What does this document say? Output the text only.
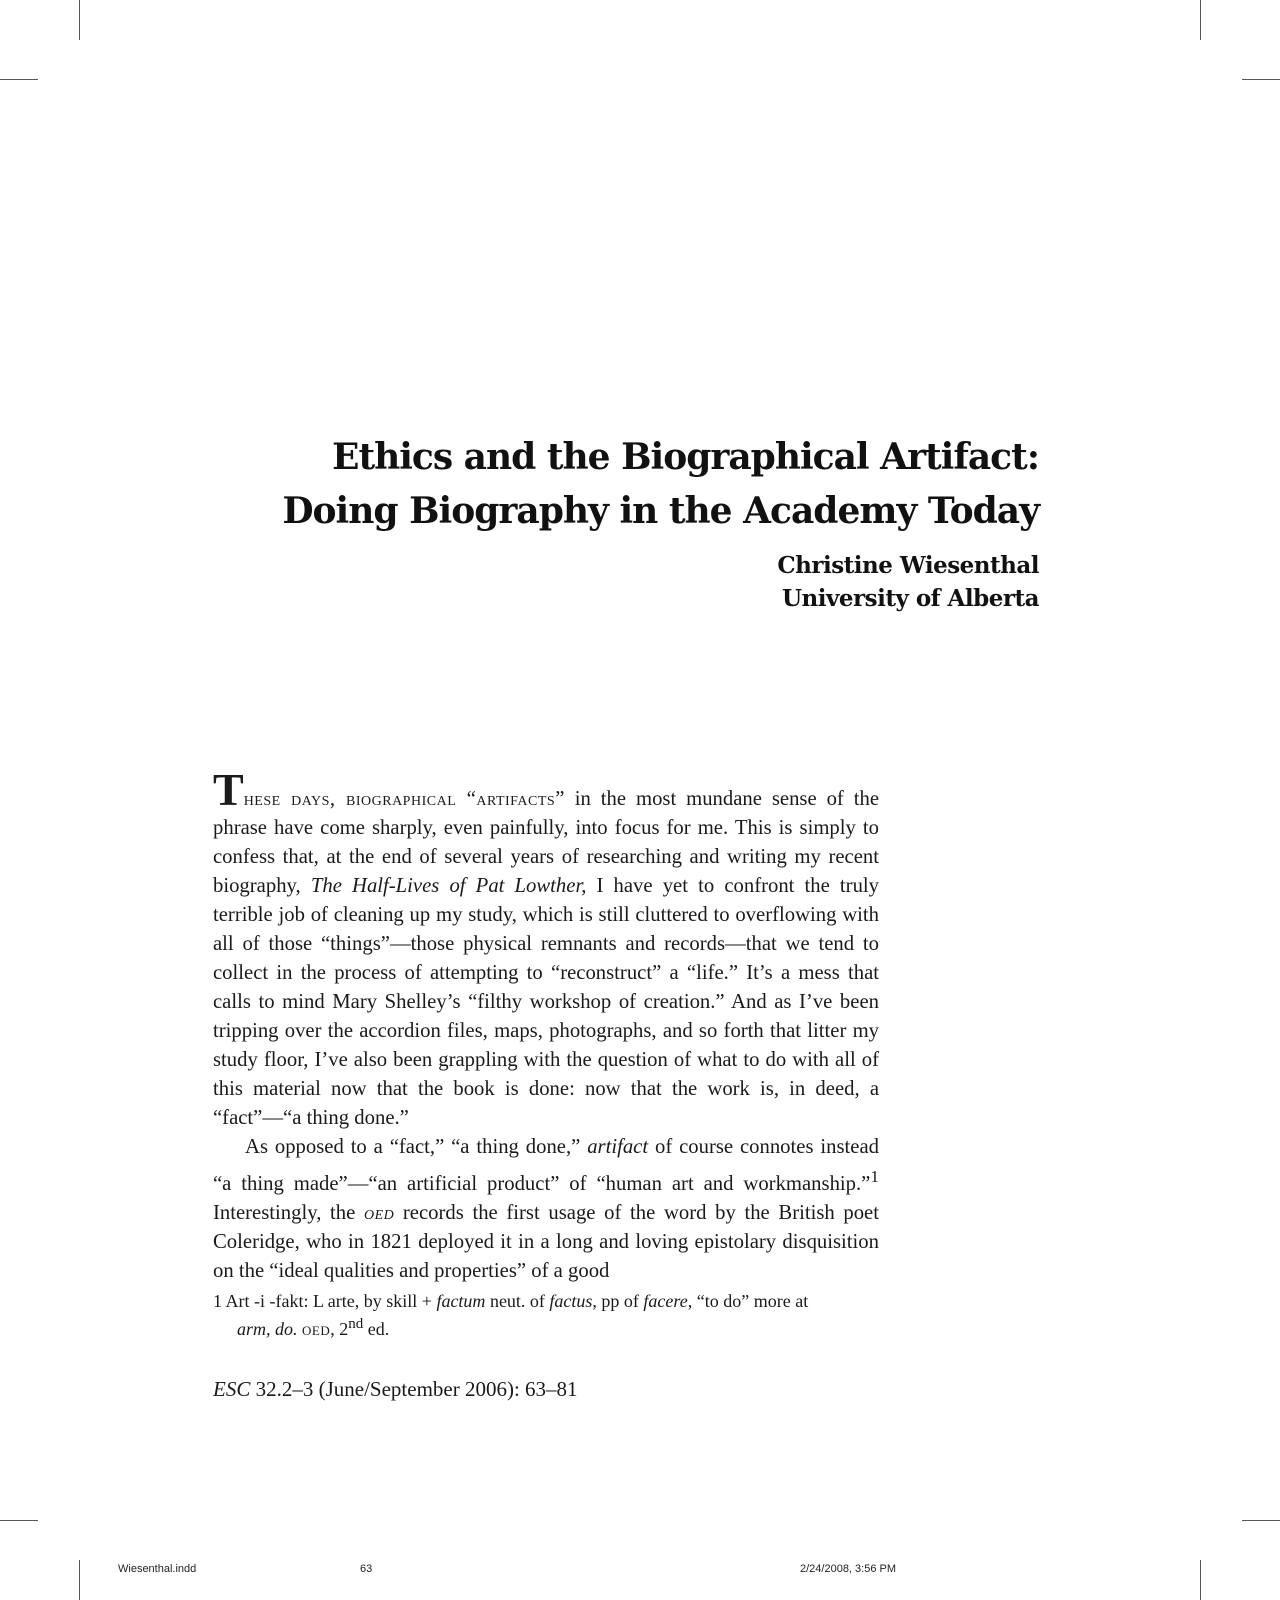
Ethics and the Biographical Artifact:
Doing Biography in the Academy Today
Christine Wiesenthal
University of Alberta

These days, biographical “artifacts” in the most mundane sense of the phrase have come sharply, even painfully, into focus for me. This is simply to confess that, at the end of several years of researching and writing my recent biography, The Half-Lives of Pat Lowther, I have yet to confront the truly terrible job of cleaning up my study, which is still cluttered to overflowing with all of those “things”—those physical remnants and records—that we tend to collect in the process of attempting to “reconstruct” a “life.” It’s a mess that calls to mind Mary Shelley’s “filthy workshop of creation.” And as I’ve been tripping over the accordion files, maps, photographs, and so forth that litter my study floor, I’ve also been grappling with the question of what to do with all of this material now that the book is done: now that the work is, in deed, a “fact”—“a thing done.”

As opposed to a “fact,” “a thing done,” artifact of course connotes instead “a thing made”—“an artificial product” of “human art and workmanship.”$^1$ Interestingly, the oed records the first usage of the word by the British poet Coleridge, who in 1821 deployed it in a long and loving epistolary disquisition on the “ideal qualities and properties” of a good

1 Art -i -fakt: L arte, by skill + factum neut. of factus, pp of facere, “to do” more at
arm, do. oed, 2nd ed.
ESC 32.2–3 (June/September 2006): 63–81
Wiesenthal.indd	63	2/24/2008, 3:56 PM
